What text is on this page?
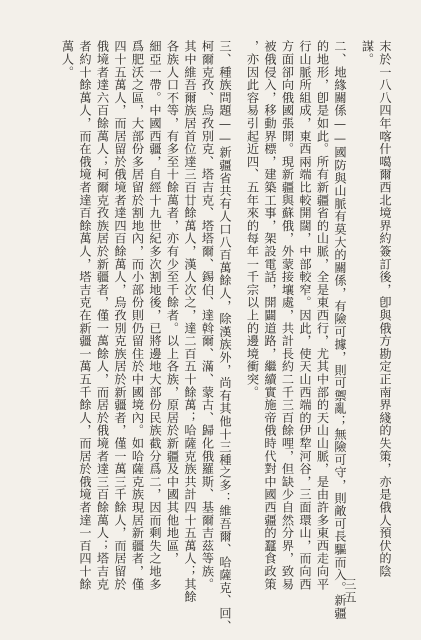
末於一八八四年喀什噶爾西北境界約簽訂後，卽與俄方勘定正南界綫的失策，亦是俄人預伏的陰
謀。
二、地緣關係——國防與山脈有莫大的關係，有險可據，則可禦亂；無險可守，則敵可長驅而入。新疆
的地形，卽是如此。所有新疆省的山脈，全是東西行，尤其中部的天山山脈，是由許多東西走向平
行山脈所組成，東西兩端比較開闊，中部較窄。因此，使天山西端的伊犂河谷，三面環山，而向西
方面卻向俄國張開。現新疆與蘇俄，外蒙接壤處，共計長約二千三百餘哩，但缺少自然分界，致易
被俄侵入，移動界標，建築工事，架設電話，開闢道路，繼續實施帝俄時代對中國西疆的蠶食政策
，亦因此容易引起近四、五年來的每年一千宗以上的邊境衝突。
三、種族問題——新疆省共有人口八百萬餘人，除漢族外，尚有其他十三種之多：維吾爾、哈薩克、回、
柯爾克孜、烏孜別克、塔吉克、塔塔爾、錫伯、達斡爾、滿、蒙古、歸化俄羅斯、基爾吉茲等族。
其中維吾爾族居首位達三百廿餘萬人，漢人次之，達二百五十餘萬；哈薩克族共計四十五萬人；其餘
各族人口不等，有多至十餘萬者，亦有少至千餘者。以上各族，原居於新疆及中國其他地區，
細亞一帶。中國西疆，自經十九世紀多次割地後，已將邊地大部份民族截分爲二，因而剩失之地多
爲肥沃之區，大部份多居留於割地內，而小部份則仍留住於中國境內。如哈薩克族現居新疆者，僅
四十五萬人，而居留於俄境者達四百餘萬人，烏孜別克族居於新疆者，僅一萬三千餘人，而居留於
俄境者達六百餘萬人；柯爾克孜族居於新疆者，僅一萬餘人，而居於俄境者達三百餘萬人；塔吉克
者約十餘萬人，而在俄境者達百餘萬人，塔吉克在新疆一萬五千餘人，而居於俄境者達一百四十餘
萬人。
三五
